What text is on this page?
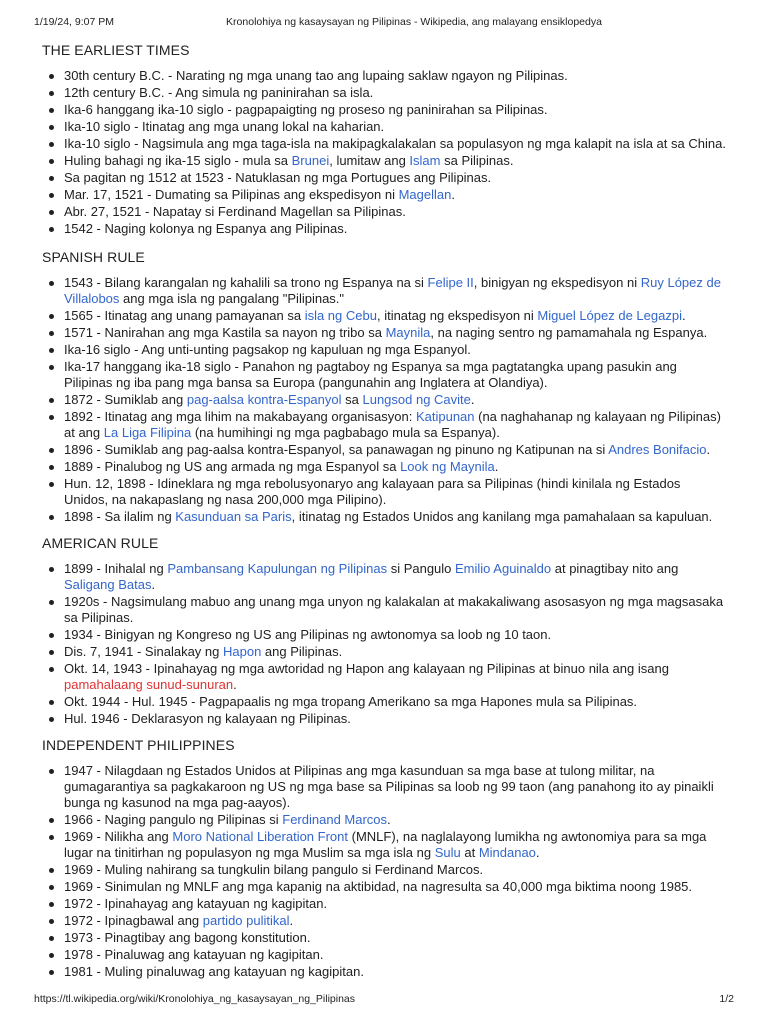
1/19/24, 9:07 PM	Kronolohiya ng kasaysayan ng Pilipinas - Wikipedia, ang malayang ensiklopedya
THE EARLIEST TIMES
30th century B.C. - Narating ng mga unang tao ang lupaing saklaw ngayon ng Pilipinas.
12th century B.C. - Ang simula ng paninirahan sa isla.
Ika-6 hanggang ika-10 siglo - pagpapaigting ng proseso ng paninirahan sa Pilipinas.
Ika-10 siglo - Itinatag ang mga unang lokal na kaharian.
Ika-10 siglo - Nagsimula ang mga taga-isla na makipagkalakalan sa populasyon ng mga kalapit na isla at sa China.
Huling bahagi ng ika-15 siglo - mula sa Brunei, lumitaw ang Islam sa Pilipinas.
Sa pagitan ng 1512 at 1523 - Natuklasan ng mga Portugues ang Pilipinas.
Mar. 17, 1521 - Dumating sa Pilipinas ang ekspedisyon ni Magellan.
Abr. 27, 1521 - Napatay si Ferdinand Magellan sa Pilipinas.
1542 - Naging kolonya ng Espanya ang Pilipinas.
SPANISH RULE
1543 - Bilang karangalan ng kahalili sa trono ng Espanya na si Felipe II, binigyan ng ekspedisyon ni Ruy López de Villalobos ang mga isla ng pangalang "Pilipinas."
1565 - Itinatag ang unang pamayanan sa isla ng Cebu, itinatag ng ekspedisyon ni Miguel López de Legazpi.
1571 - Nanirahan ang mga Kastila sa nayon ng tribo sa Maynila, na naging sentro ng pamamahala ng Espanya.
Ika-16 siglo - Ang unti-unting pagsakop ng kapuluan ng mga Espanyol.
Ika-17 hanggang ika-18 siglo - Panahon ng pagtaboy ng Espanya sa mga pagtatangka upang pasukin ang Pilipinas ng iba pang mga bansa sa Europa (pangunahin ang Inglatera at Olandiya).
1872 - Sumiklab ang pag-aalsa kontra-Espanyol sa Lungsod ng Cavite.
1892 - Itinatag ang mga lihim na makabayang organisasyon: Katipunan (na naghahanap ng kalayaan ng Pilipinas) at ang La Liga Filipina (na humihingi ng mga pagbabago mula sa Espanya).
1896 - Sumiklab ang pag-aalsa kontra-Espanyol, sa panawagan ng pinuno ng Katipunan na si Andres Bonifacio.
1889 - Pinalubog ng US ang armada ng mga Espanyol sa Look ng Maynila.
Hun. 12, 1898 - Idineklara ng mga rebolusyonaryo ang kalayaan para sa Pilipinas (hindi kinilala ng Estados Unidos, na nakapaslang ng nasa 200,000 mga Pilipino).
1898 - Sa ilalim ng Kasunduan sa Paris, itinatag ng Estados Unidos ang kanilang mga pamahalaan sa kapuluan.
AMERICAN RULE
1899 - Inihalal ng Pambansang Kapulungan ng Pilipinas si Pangulo Emilio Aguinaldo at pinagtibay nito ang Saligang Batas.
1920s - Nagsimulang mabuo ang unang mga unyon ng kalakalan at makakaliwang asosasyon ng mga magsasaka sa Pilipinas.
1934 - Binigyan ng Kongreso ng US ang Pilipinas ng awtonomya sa loob ng 10 taon.
Dis. 7, 1941 - Sinalakay ng Hapon ang Pilipinas.
Okt. 14, 1943 - Ipinahayag ng mga awtoridad ng Hapon ang kalayaan ng Pilipinas at binuo nila ang isang pamahalaang sunud-sunuran.
Okt. 1944 - Hul. 1945 - Pagpapaalis ng mga tropang Amerikano sa mga Hapones mula sa Pilipinas.
Hul. 1946 - Deklarasyon ng kalayaan ng Pilipinas.
INDEPENDENT PHILIPPINES
1947 - Nilagdaan ng Estados Unidos at Pilipinas ang mga kasunduan sa mga base at tulong militar, na gumagarantiya sa pagkakaroon ng US ng mga base sa Pilipinas sa loob ng 99 taon (ang panahong ito ay pinaikli bunga ng kasunod na mga pag-aayos).
1966 - Naging pangulo ng Pilipinas si Ferdinand Marcos.
1969 - Nilikha ang Moro National Liberation Front (MNLF), na naglalayong lumikha ng awtonomiya para sa mga lugar na tinitirhan ng populasyon ng mga Muslim sa mga isla ng Sulu at Mindanao.
1969 - Muling nahirang sa tungkulin bilang pangulo si Ferdinand Marcos.
1969 - Sinimulan ng MNLF ang mga kapanig na aktibidad, na nagresulta sa 40,000 mga biktima noong 1985.
1972 - Ipinahayag ang katayuan ng kagipitan.
1972 - Ipinagbawal ang partido pulitikal.
1973 - Pinagtibay ang bagong konstitution.
1978 - Pinaluwag ang katayuan ng kagipitan.
1981 - Muling pinaluwag ang katayuan ng kagipitan.
https://tl.wikipedia.org/wiki/Kronolohiya_ng_kasaysayan_ng_Pilipinas	1/2
